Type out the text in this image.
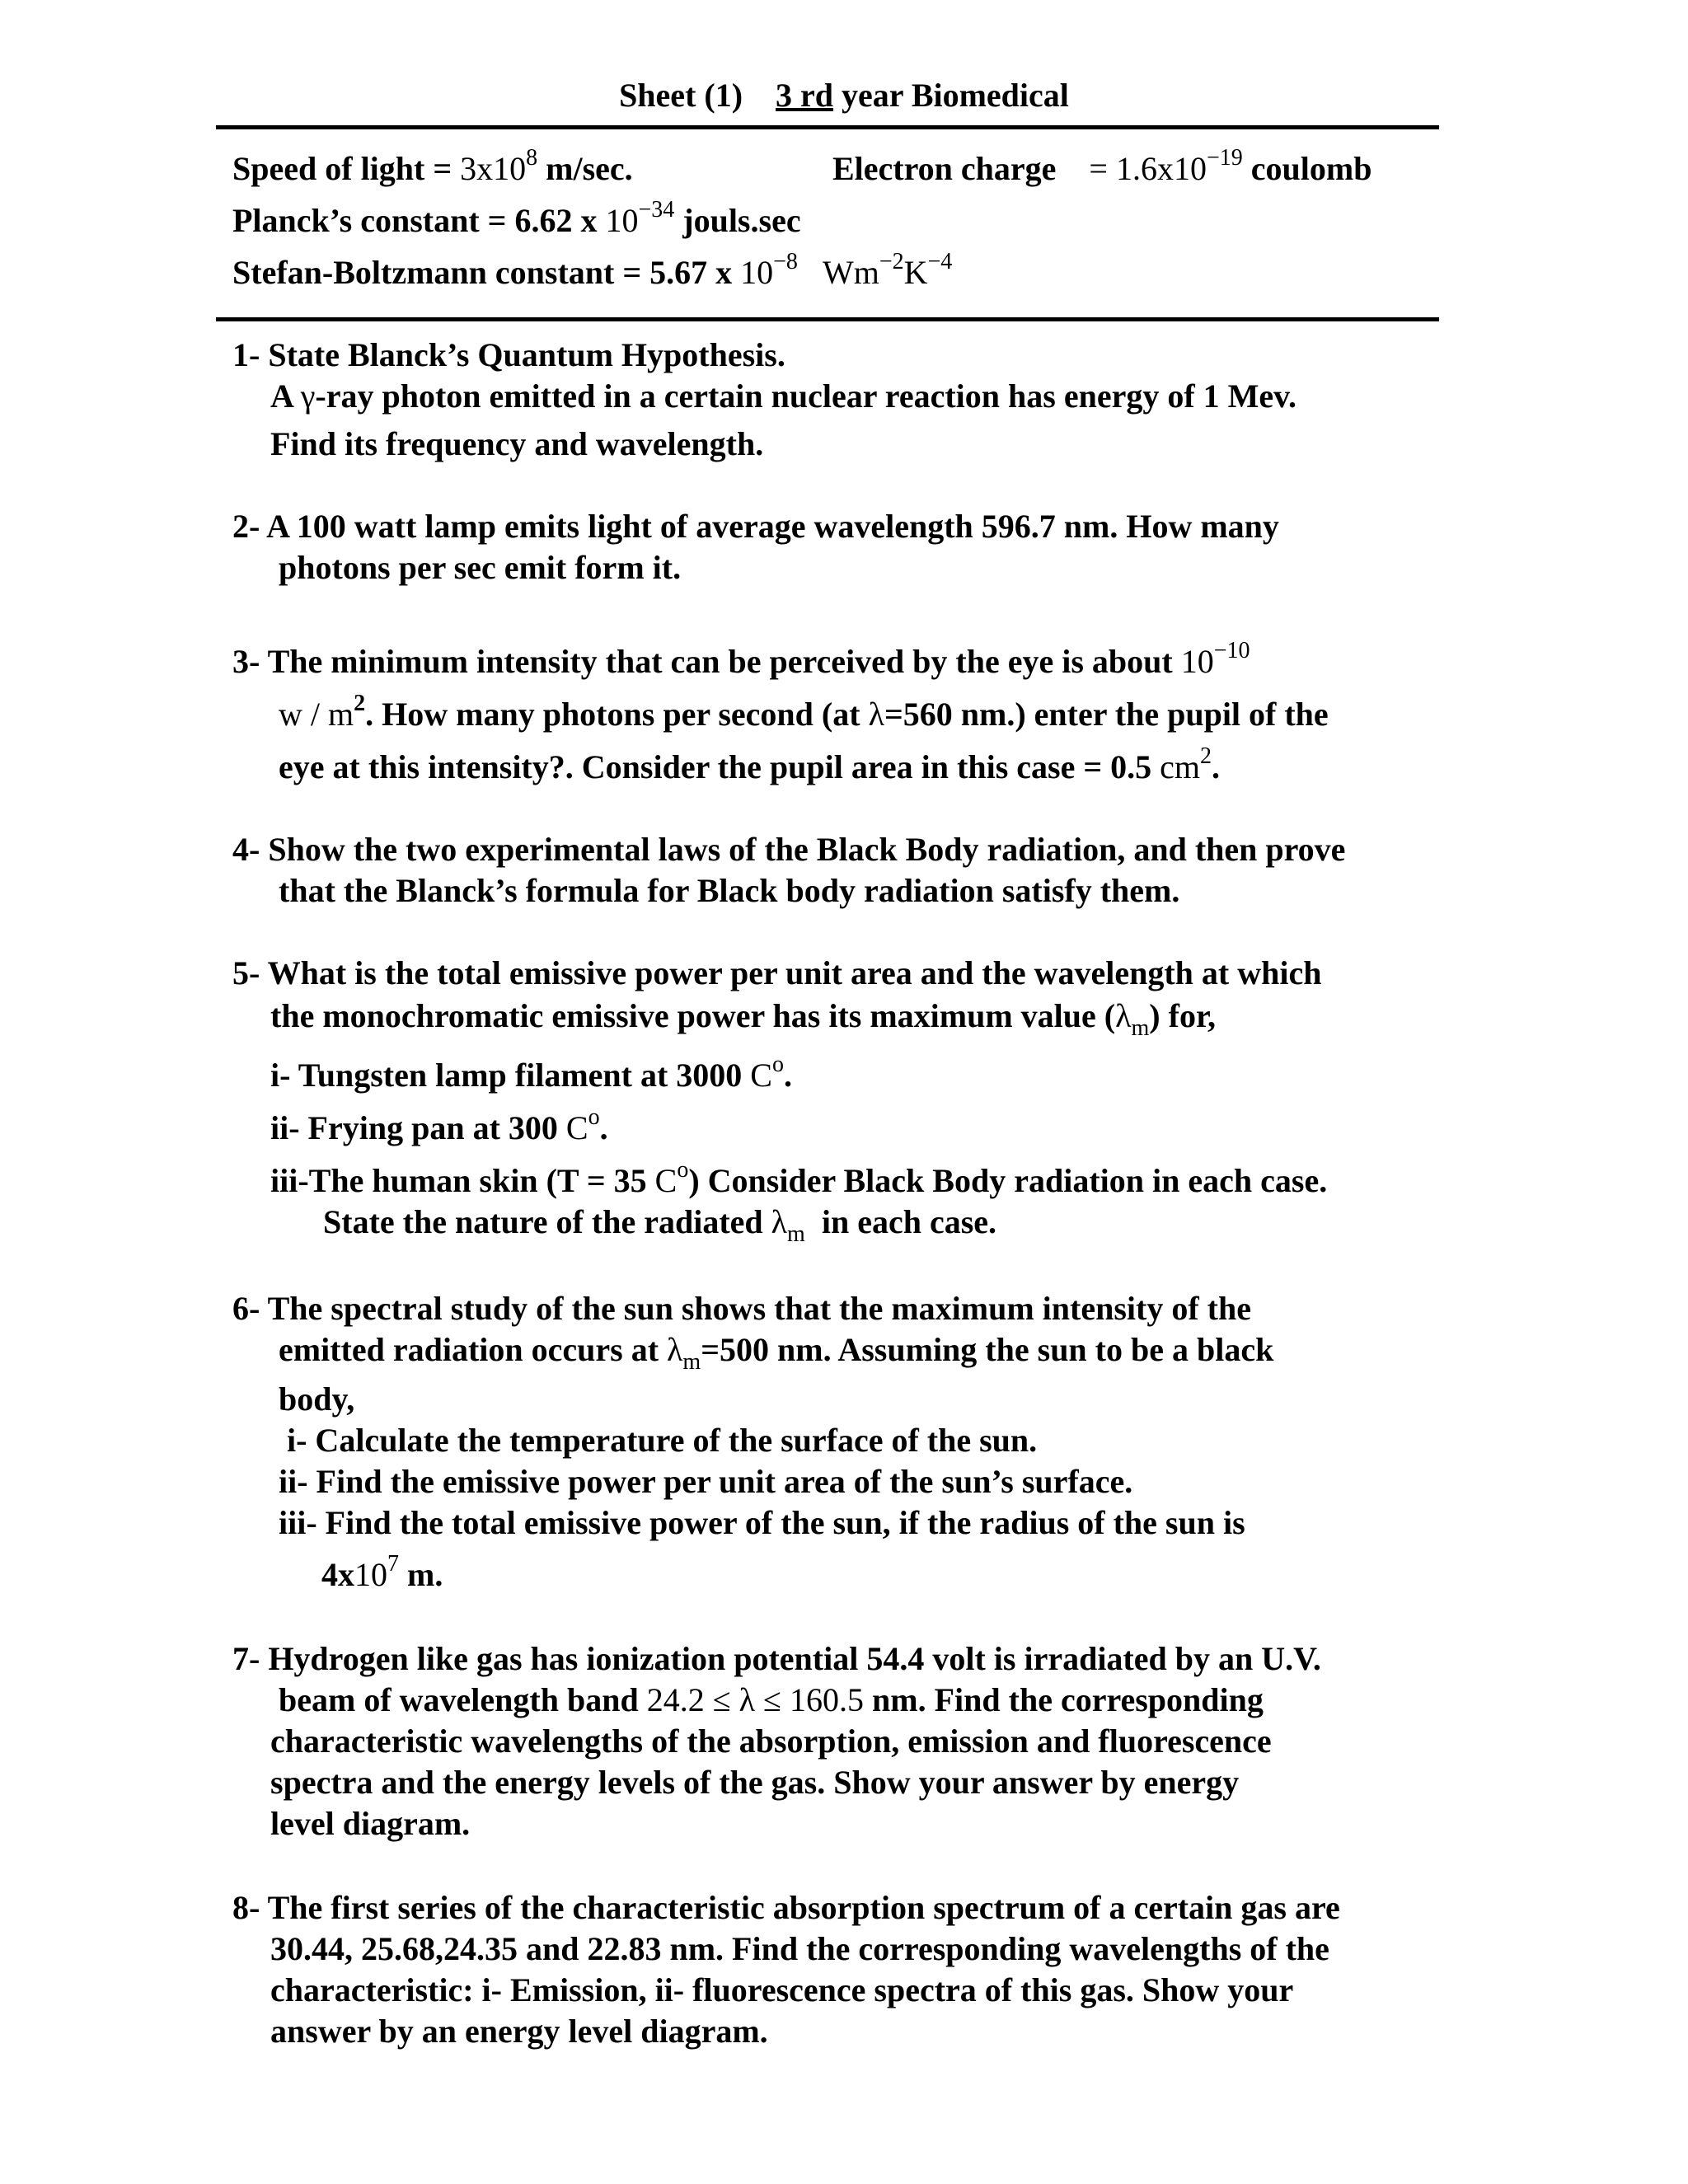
Sheet (1) 3 rd year Biomedical
Speed of light = $3x10^8$ m/sec.	Electron charge = $1.6x10^{-19}$ coulomb
Planck’s constant = 6.62 x $10^{-34}$ jouls.sec
Stefan-Boltzmann constant = 5.67 x $10^{-8}$ $Wm^{-2}K^{-4}$
1- State Blanck’s Quantum Hypothesis.
A γ-ray photon emitted in a certain nuclear reaction has energy of 1 Mev.
Find its frequency and wavelength.
2- A 100 watt lamp emits light of average wavelength 596.7 nm. How many
photons per sec emit form it.
3- The minimum intensity that can be perceived by the eye is about $10^{-10}$
w / $m^2$. How many photons per second (at λ=560 nm.) enter the pupil of the
eye at this intensity?. Consider the pupil area in this case = 0.5 $cm^2$.
4- Show the two experimental laws of the Black Body radiation, and then prove
that the Blanck’s formula for Black body radiation satisfy them.
5- What is the total emissive power per unit area and the wavelength at which
the monochromatic emissive power has its maximum value $(\lambda_m)$ for,
i- Tungsten lamp filament at 3000 $C^o$.
ii- Frying pan at 300 $C^o$.
iii-The human skin (T = 35 $C^o$) Consider Black Body radiation in each case.
State the nature of the radiated $\lambda_m$ in each case.
6- The spectral study of the sun shows that the maximum intensity of the
emitted radiation occurs at $\lambda_m=500$ nm. Assuming the sun to be a black
body,
i- Calculate the temperature of the surface of the sun.
ii- Find the emissive power per unit area of the sun’s surface.
iii- Find the total emissive power of the sun, if the radius of the sun is
$4x10^7$ m.
7- Hydrogen like gas has ionization potential 54.4 volt is irradiated by an U.V.
beam of wavelength band 24.2 ≤ λ ≤ 160.5 nm. Find the corresponding
characteristic wavelengths of the absorption, emission and fluorescence
spectra and the energy levels of the gas. Show your answer by energy
level diagram.
8- The first series of the characteristic absorption spectrum of a certain gas are
30.44, 25.68,24.35 and 22.83 nm. Find the corresponding wavelengths of the
characteristic: i- Emission, ii- fluorescence spectra of this gas. Show your
answer by an energy level diagram.
